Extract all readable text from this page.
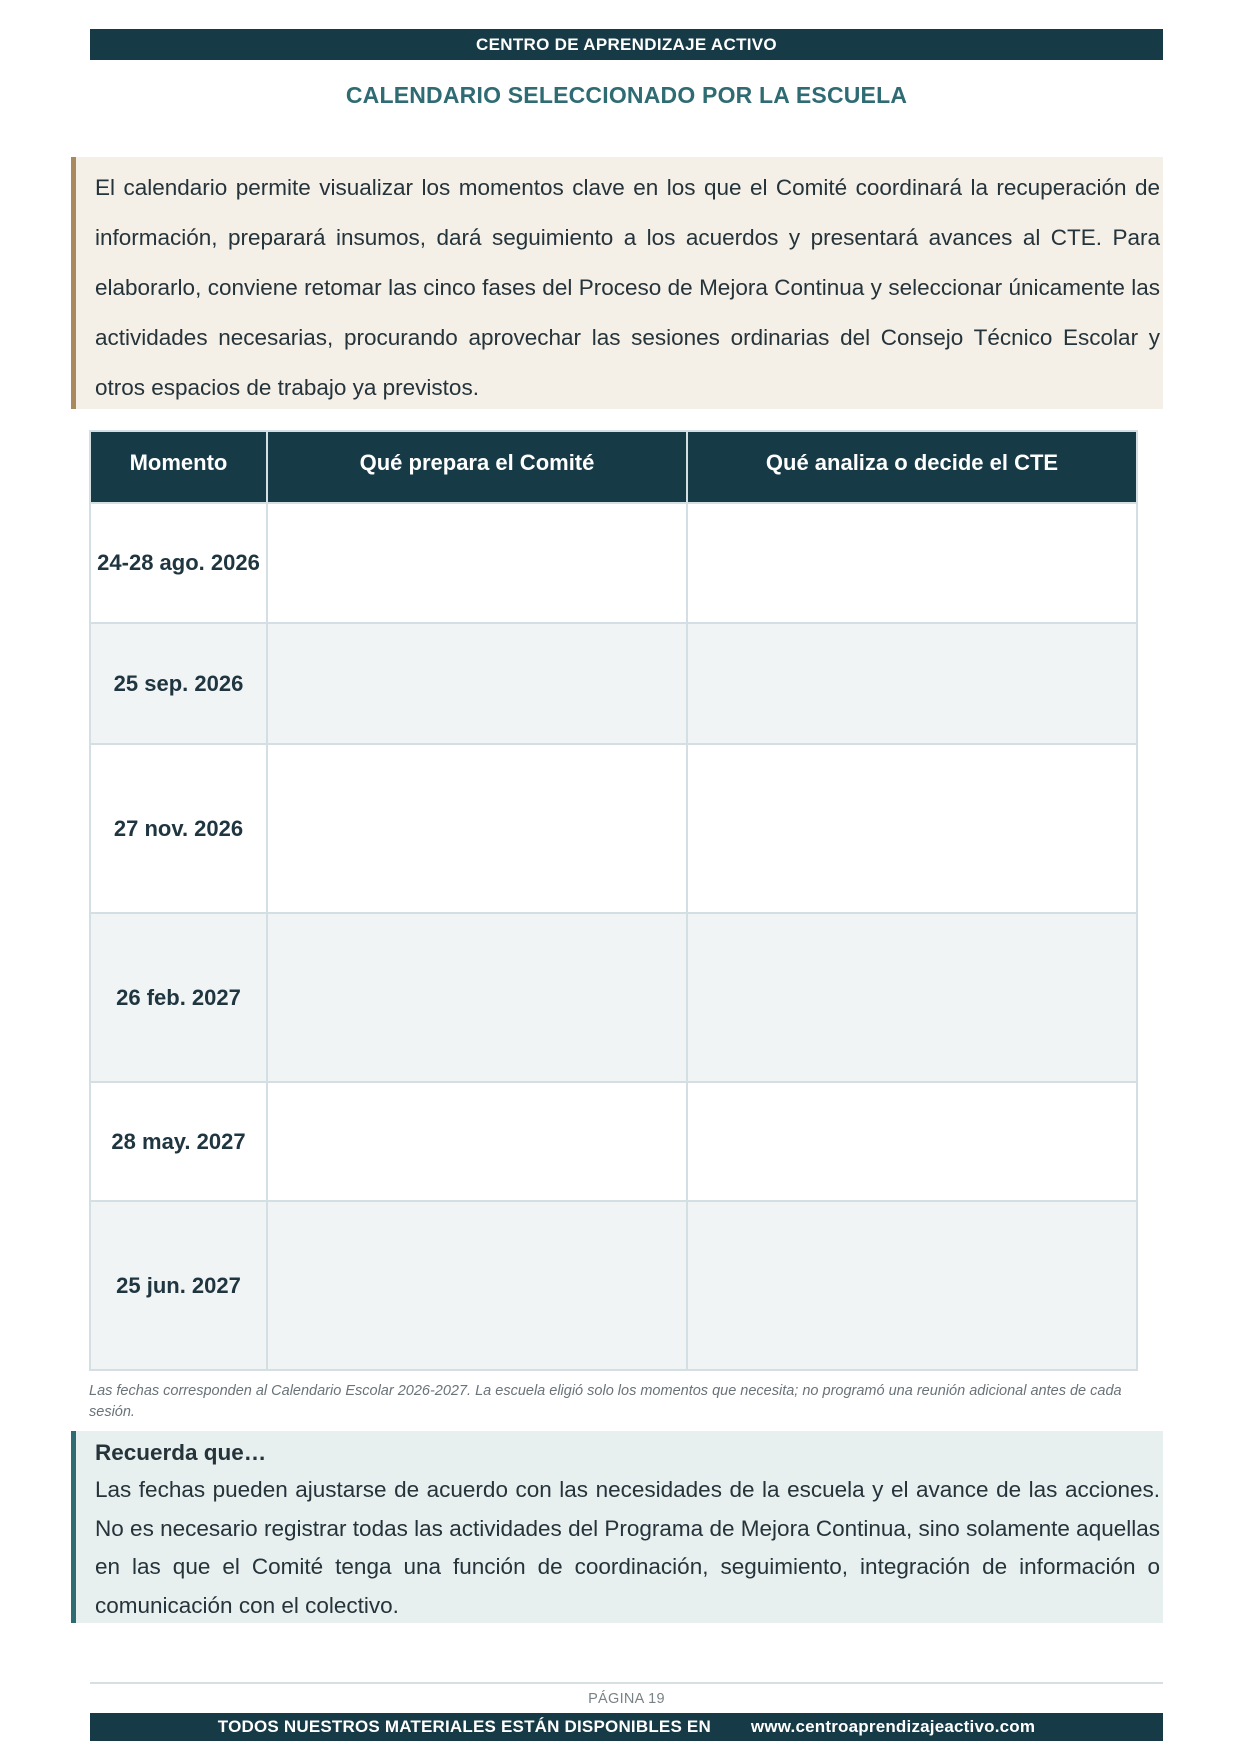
CENTRO DE APRENDIZAJE ACTIVO
CALENDARIO SELECCIONADO POR LA ESCUELA

El calendario permite visualizar los momentos clave en los que el Comité coordinará la recuperación de información, preparará insumos, dará seguimiento a los acuerdos y presentará avances al CTE. Para elaborarlo, conviene retomar las cinco fases del Proceso de Mejora Continua y seleccionar únicamente las actividades necesarias, procurando aprovechar las sesiones ordinarias del Consejo Técnico Escolar y otros espacios de trabajo ya previstos.

Momento	Qué prepara el Comité	Qué analiza o decide el CTE
24-28 ago. 2026		
25 sep. 2026		
27 nov. 2026		
26 feb. 2027		
28 may. 2027		
25 jun. 2027		

Las fechas corresponden al Calendario Escolar 2026-2027. La escuela eligió solo los momentos que necesita; no programó una reunión adicional antes de cada sesión.

Recuerda que…

Las fechas pueden ajustarse de acuerdo con las necesidades de la escuela y el avance de las acciones. No es necesario registrar todas las actividades del Programa de Mejora Continua, sino solamente aquellas en las que el Comité tenga una función de coordinación, seguimiento, integración de información o comunicación con el colectivo.

PÁGINA 19
TODOS NUESTROS MATERIALES ESTÁN DISPONIBLES EN www.centroaprendizajeactivo.com
